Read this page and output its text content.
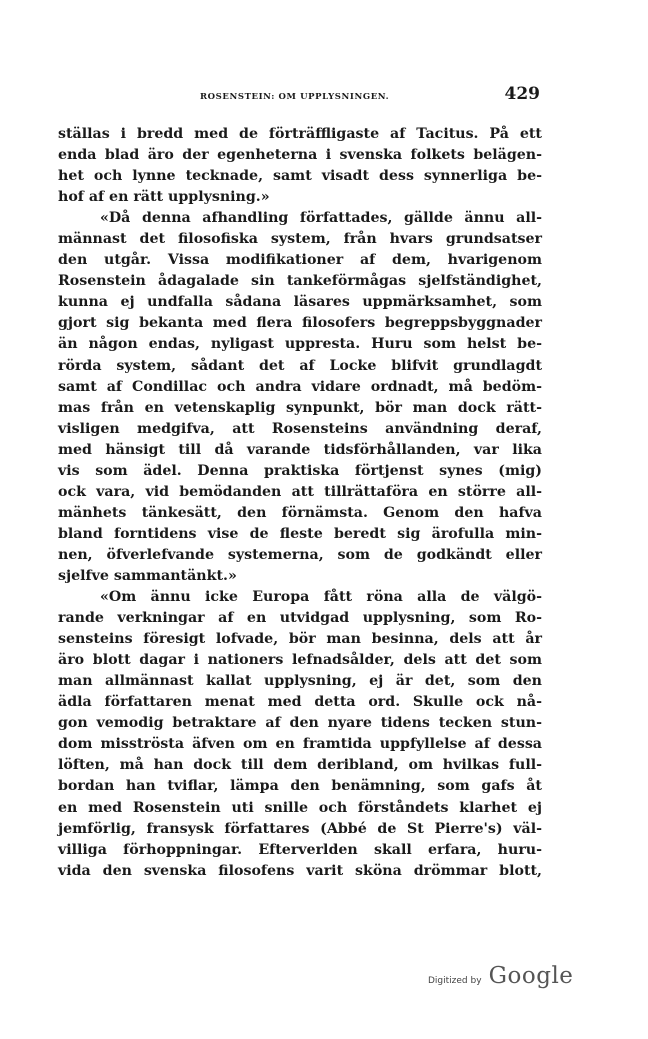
ROSENSTEIN: OM UPPLYSNINGEN.	429
ställas i bredd med de förträffligaste af Tacitus. På ett
enda blad äro der egenheterna i svenska folkets belägen-
het och lynne tecknade, samt visadt dess synnerliga be-
hof af en rätt upplysning.»
«Då denna afhandling författades, gällde ännu all-
männast det filosofiska system, från hvars grundsatser
den utgår. Vissa modifikationer af dem, hvarigenom
Rosenstein ådagalade sin tankeförmågas sjelfständighet,
kunna ej undfalla sådana läsares uppmärksamhet, som
gjort sig bekanta med flera filosofers begreppsbyggnader
än någon endas, nyligast uppresta. Huru som helst be-
rörda system, sådant det af Locke blifvit grundlagdt
samt af Condillac och andra vidare ordnadt, må bedöm-
mas från en vetenskaplig synpunkt, bör man dock rätt-
visligen medgifva, att Rosensteins användning deraf,
med hänsigt till då varande tidsförhållanden, var lika
vis som ädel. Denna praktiska förtjenst synes (mig)
ock vara, vid bemödanden att tillrättaföra en större all-
mänhets tänkesätt, den förnämsta. Genom den hafva
bland forntidens vise de fleste beredt sig ärofulla min-
nen, öfverlefvande systemerna, som de godkändt eller
sjelfve sammantänkt.»
«Om ännu icke Europa fått röna alla de välgö-
rande verkningar af en utvidgad upplysning, som Ro-
sensteins föresigt lofvade, bör man besinna, dels att år
äro blott dagar i nationers lefnadsålder, dels att det som
man allmännast kallat upplysning, ej är det, som den
ädla författaren menat med detta ord. Skulle ock nå-
gon vemodig betraktare af den nyare tidens tecken stun-
dom misströsta äfven om en framtida uppfyllelse af dessa
löften, må han dock till dem deribland, om hvilkas full-
bordan han tviflar, lämpa den benämning, som gafs åt
en med Rosenstein uti snille och förståndets klarhet ej
jemförlig, fransysk författares (Abbé de St Pierre's) väl-
villiga förhoppningar. Efterverlden skall erfara, huru-
vida den svenska filosofens varit sköna drömmar blott,
Digitized by Google
